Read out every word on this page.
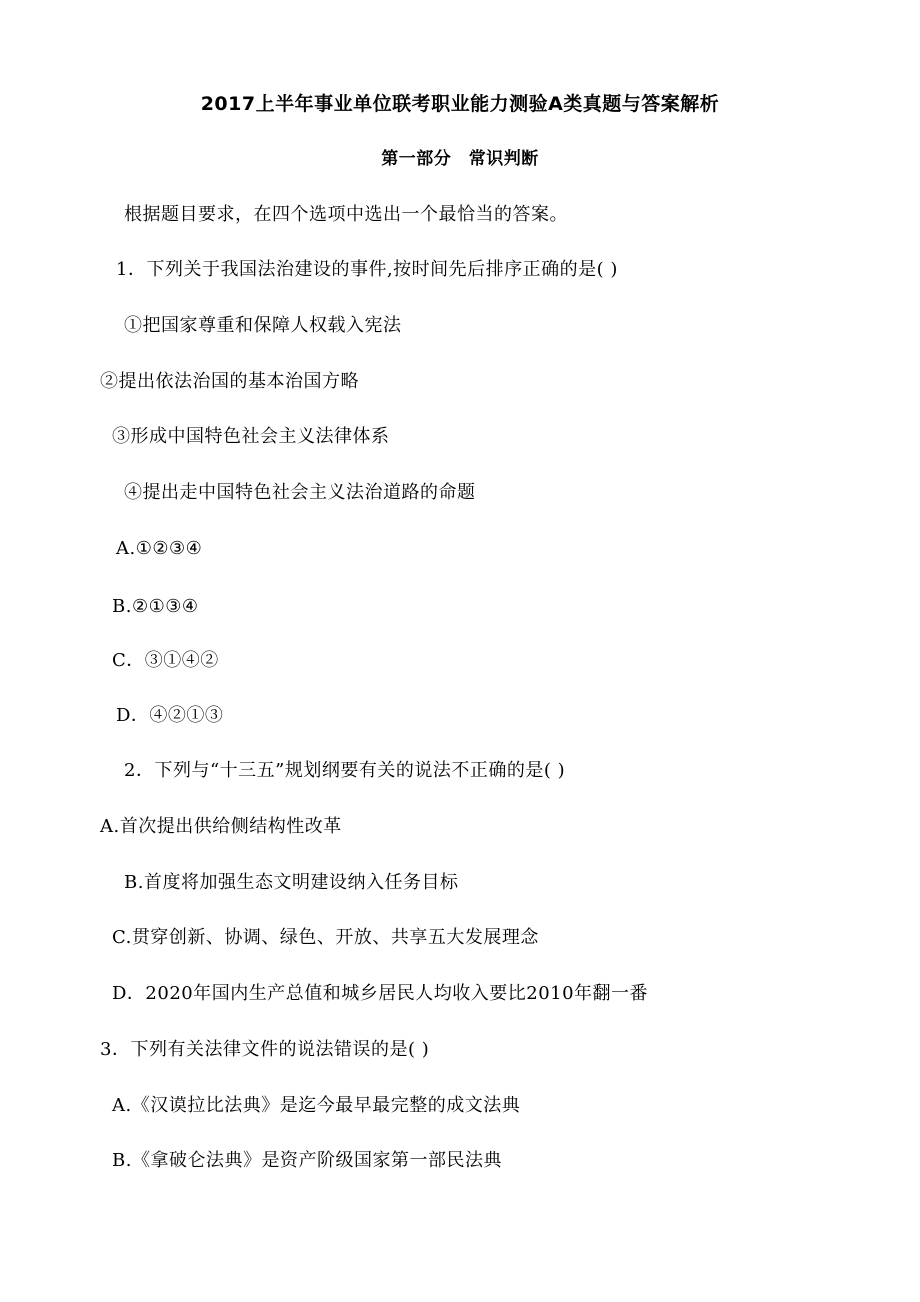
2017上半年事业单位联考职业能力测验A类真题与答案解析
第一部分　常识判断
根据题目要求，在四个选项中选出一个最恰当的答案。
1．下列关于我国法治建设的事件,按时间先后排序正确的是( )
①把国家尊重和保障人权载入宪法
②提出依法治国的基本治国方略
③形成中国特色社会主义法律体系
④提出走中国特色社会主义法治道路的命题
A.①②③④
B.②①③④
C．③①④②
D．④②①③
2．下列与“十三五”规划纲要有关的说法不正确的是( )
A.首次提出供给侧结构性改革
B.首度将加强生态文明建设纳入任务目标
C.贯穿创新、协调、绿色、开放、共享五大发展理念
D．2020年国内生产总值和城乡居民人均收入要比2010年翻一番
3．下列有关法律文件的说法错误的是( )
A.《汉谟拉比法典》是迄今最早最完整的成文法典
B.《拿破仑法典》是资产阶级国家第一部民法典
